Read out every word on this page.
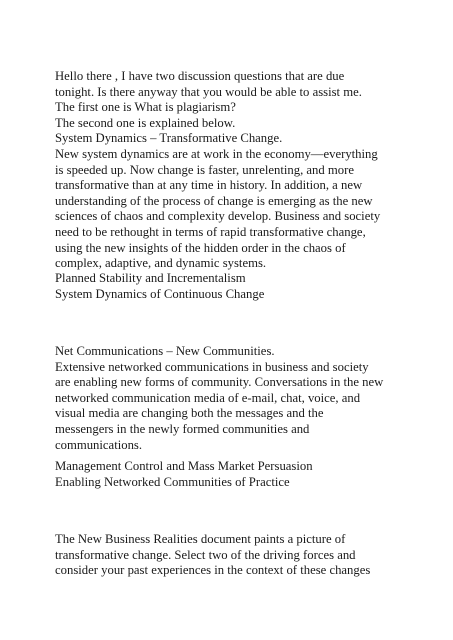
Hello there , I have two discussion questions that are due
tonight. Is there anyway that you would be able to assist me.
The first one is What is plagiarism?
The second one is explained below.
System Dynamics – Transformative Change.
New system dynamics are at work in the economy—everything
is speeded up. Now change is faster, unrelenting, and more
transformative than at any time in history. In addition, a new
understanding of the process of change is emerging as the new
sciences of chaos and complexity develop. Business and society
need to be rethought in terms of rapid transformative change,
using the new insights of the hidden order in the chaos of
complex, adaptive, and dynamic systems.
Planned Stability and Incrementalism
System Dynamics of Continuous Change
Net Communications – New Communities.
Extensive networked communications in business and society
are enabling new forms of community. Conversations in the new
networked communication media of e-mail, chat, voice, and
visual media are changing both the messages and the
messengers in the newly formed communities and
communications.
Management Control and Mass Market Persuasion
Enabling Networked Communities of Practice
The New Business Realities document paints a picture of
transformative change. Select two of the driving forces and
consider your past experiences in the context of these changes
